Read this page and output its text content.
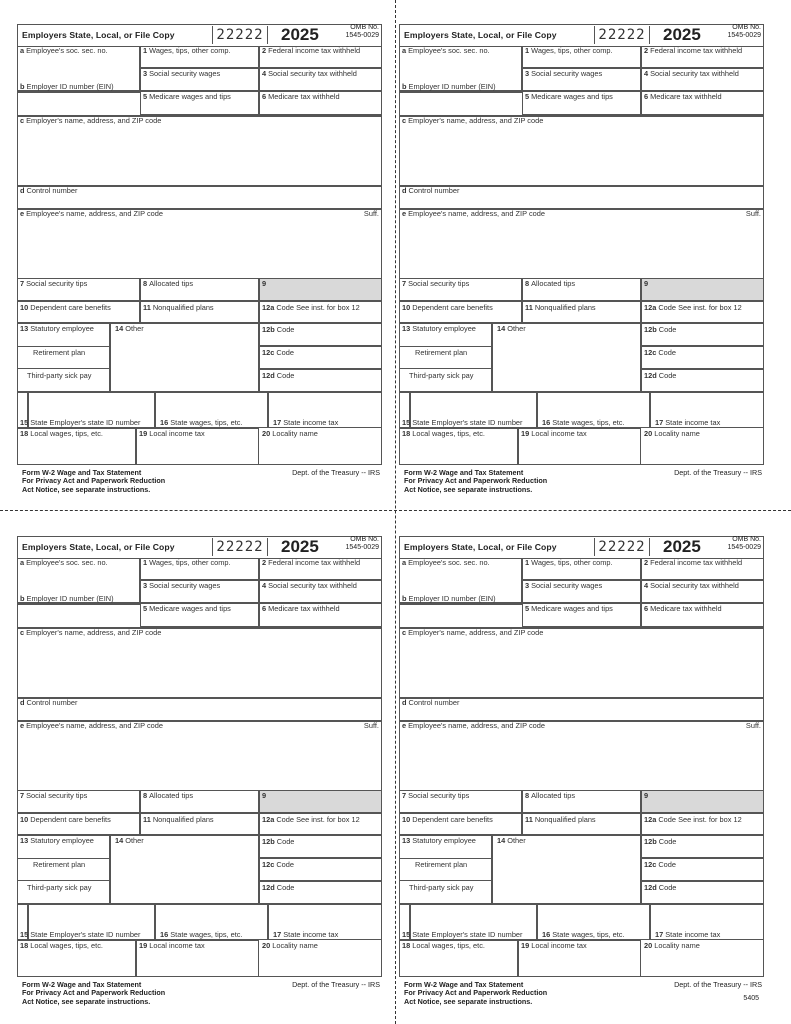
Employers State, Local, or File Copy	22222 2025	OMB No.
1545-0029
a Employee's soc. sec. no.	1 Wages, tips, other comp.	2 Federal income tax withheld
3 Social security wages	4 Social security tax withheld
b Employer ID number (EIN)
5 Medicare wages and tips	6 Medicare tax withheld
c Employer's name, address, and ZIP code
d Control number
e Employee's name, address, and ZIP code	Suff.
7 Social security tips	8 Allocated tips	9
10 Dependent care benefits	11 Nonqualified plans	12a Code See inst. for box 12
13 Statutory employee
Retirement plan
Third-party sick pay
14 Other	12b Code
12c Code
12d Code
15 State Employer's state ID number	16 State wages, tips, etc.	17 State income tax
18 Local wages, tips, etc.	19 Local income tax	20 Locality name
Form W-2 Wage and Tax Statement
For Privacy Act and Paperwork Reduction
Act Notice, see separate instructions.
Dept. of the Treasury -- IRS
Employers State, Local, or File Copy	22222 2025	OMB No.
1545-0029
a Employee's soc. sec. no.	1 Wages, tips, other comp.	2 Federal income tax withheld
3 Social security wages	4 Social security tax withheld
b Employer ID number (EIN)
5 Medicare wages and tips	6 Medicare tax withheld
c Employer's name, address, and ZIP code
d Control number
e Employee's name, address, and ZIP code	Suff.
7 Social security tips	8 Allocated tips	9
10 Dependent care benefits	11 Nonqualified plans	12a Code See inst. for box 12
13 Statutory employee
Retirement plan
Third-party sick pay
14 Other	12b Code
12c Code
12d Code
15 State Employer's state ID number	16 State wages, tips, etc.	17 State income tax
18 Local wages, tips, etc.	19 Local income tax	20 Locality name
Form W-2 Wage and Tax Statement
For Privacy Act and Paperwork Reduction
Act Notice, see separate instructions.
Dept. of the Treasury -- IRS
Employers State, Local, or File Copy	22222 2025	OMB No.
1545-0029
a Employee's soc. sec. no.	1 Wages, tips, other comp.	2 Federal income tax withheld
3 Social security wages	4 Social security tax withheld
b Employer ID number (EIN)
5 Medicare wages and tips	6 Medicare tax withheld
c Employer's name, address, and ZIP code
d Control number
e Employee's name, address, and ZIP code	Suff.
7 Social security tips	8 Allocated tips	9
10 Dependent care benefits	11 Nonqualified plans	12a Code See inst. for box 12
13 Statutory employee
Retirement plan
Third-party sick pay
14 Other	12b Code
12c Code
12d Code
15 State Employer's state ID number	16 State wages, tips, etc.	17 State income tax
18 Local wages, tips, etc.	19 Local income tax	20 Locality name
Form W-2 Wage and Tax Statement
For Privacy Act and Paperwork Reduction
Act Notice, see separate instructions.
Dept. of the Treasury -- IRS
Employers State, Local, or File Copy	22222 2025	OMB No.
1545-0029
a Employee's soc. sec. no.	1 Wages, tips, other comp.	2 Federal income tax withheld
3 Social security wages	4 Social security tax withheld
b Employer ID number (EIN)
5 Medicare wages and tips	6 Medicare tax withheld
c Employer's name, address, and ZIP code
d Control number
e Employee's name, address, and ZIP code	Suff.
7 Social security tips	8 Allocated tips	9
10 Dependent care benefits	11 Nonqualified plans	12a Code See inst. for box 12
13 Statutory employee
Retirement plan
Third-party sick pay
14 Other	12b Code
12c Code
12d Code
15 State Employer's state ID number	16 State wages, tips, etc.	17 State income tax
18 Local wages, tips, etc.	19 Local income tax	20 Locality name
Form W-2 Wage and Tax Statement
For Privacy Act and Paperwork Reduction
Act Notice, see separate instructions.
Dept. of the Treasury -- IRS
5405
